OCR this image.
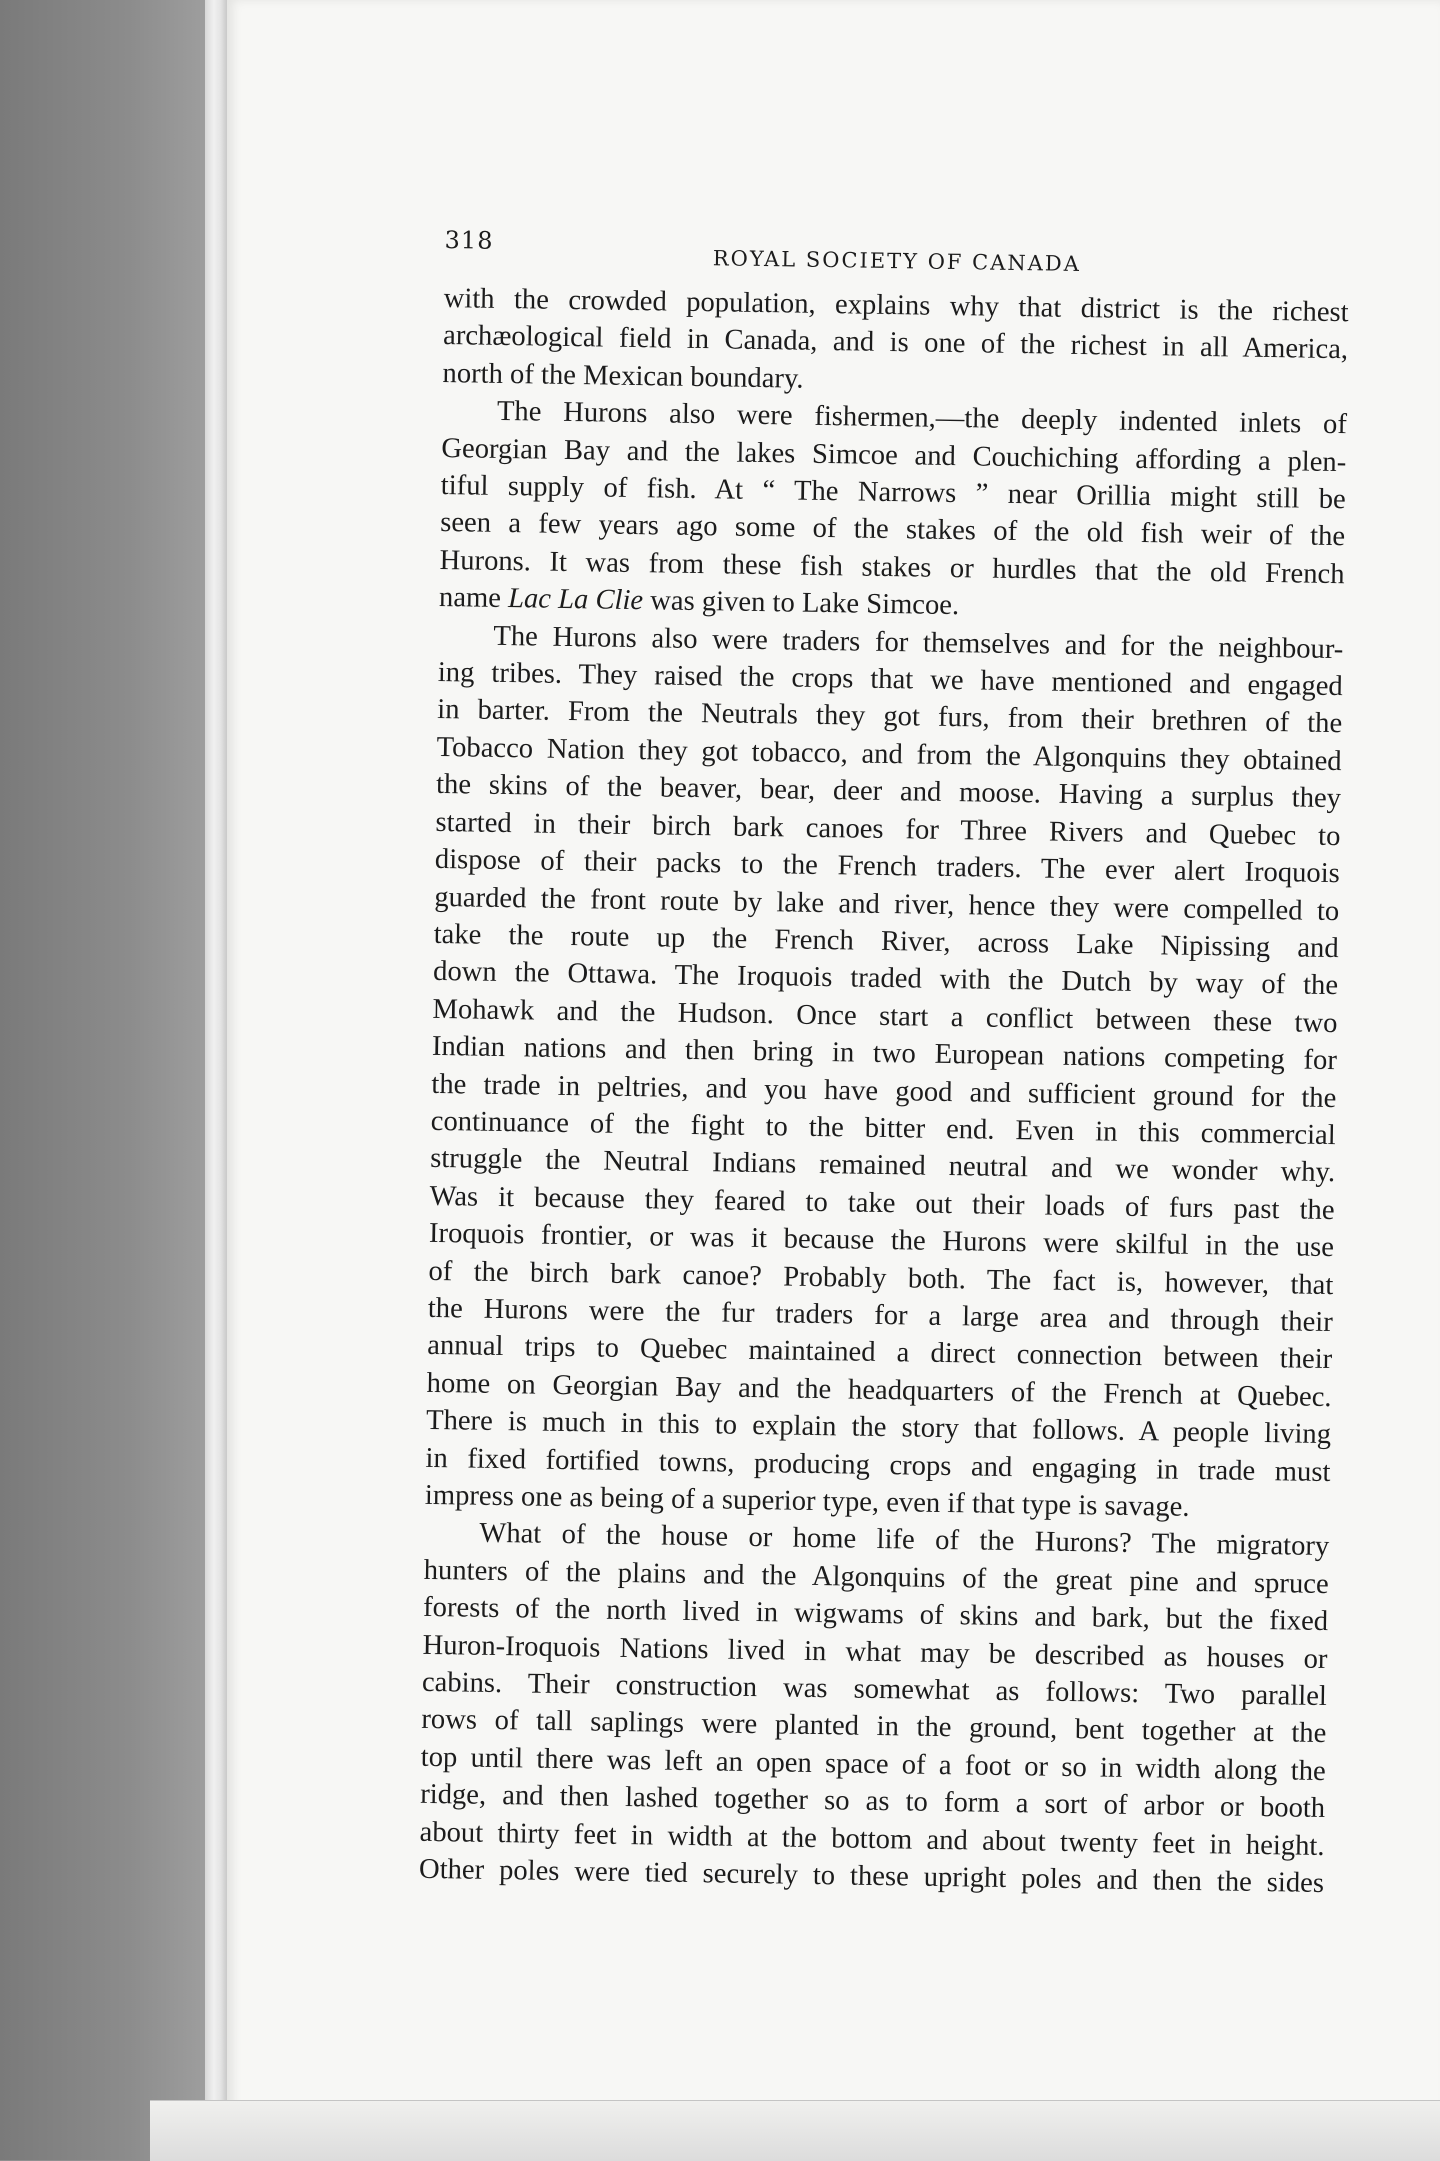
318
ROYAL SOCIETY OF CANADA

with the crowded population, explains why that district is the richest
archæological field in Canada, and is one of the richest in all America,
north of the Mexican boundary.

The Hurons also were fishermen,—the deeply indented inlets of
Georgian Bay and the lakes Simcoe and Couchiching affording a plen-
tiful supply of fish. At “ The Narrows ” near Orillia might still be
seen a few years ago some of the stakes of the old fish weir of the
Hurons. It was from these fish stakes or hurdles that the old French
name Lac La Clie was given to Lake Simcoe.

The Hurons also were traders for themselves and for the neighbour-
ing tribes. They raised the crops that we have mentioned and engaged
in barter. From the Neutrals they got furs, from their brethren of the
Tobacco Nation they got tobacco, and from the Algonquins they obtained
the skins of the beaver, bear, deer and moose. Having a surplus they
started in their birch bark canoes for Three Rivers and Quebec to
dispose of their packs to the French traders. The ever alert Iroquois
guarded the front route by lake and river, hence they were compelled to
take the route up the French River, across Lake Nipissing and
down the Ottawa. The Iroquois traded with the Dutch by way of the
Mohawk and the Hudson. Once start a conflict between these two
Indian nations and then bring in two European nations competing for
the trade in peltries, and you have good and sufficient ground for the
continuance of the fight to the bitter end. Even in this commercial
struggle the Neutral Indians remained neutral and we wonder why.
Was it because they feared to take out their loads of furs past the
Iroquois frontier, or was it because the Hurons were skilful in the use
of the birch bark canoe? Probably both. The fact is, however, that
the Hurons were the fur traders for a large area and through their
annual trips to Quebec maintained a direct connection between their
home on Georgian Bay and the headquarters of the French at Quebec.
There is much in this to explain the story that follows. A people living
in fixed fortified towns, producing crops and engaging in trade must
impress one as being of a superior type, even if that type is savage.

What of the house or home life of the Hurons? The migratory
hunters of the plains and the Algonquins of the great pine and spruce
forests of the north lived in wigwams of skins and bark, but the fixed
Huron-Iroquois Nations lived in what may be described as houses or
cabins. Their construction was somewhat as follows: Two parallel
rows of tall saplings were planted in the ground, bent together at the
top until there was left an open space of a foot or so in width along the
ridge, and then lashed together so as to form a sort of arbor or booth
about thirty feet in width at the bottom and about twenty feet in height.
Other poles were tied securely to these upright poles and then the sides
